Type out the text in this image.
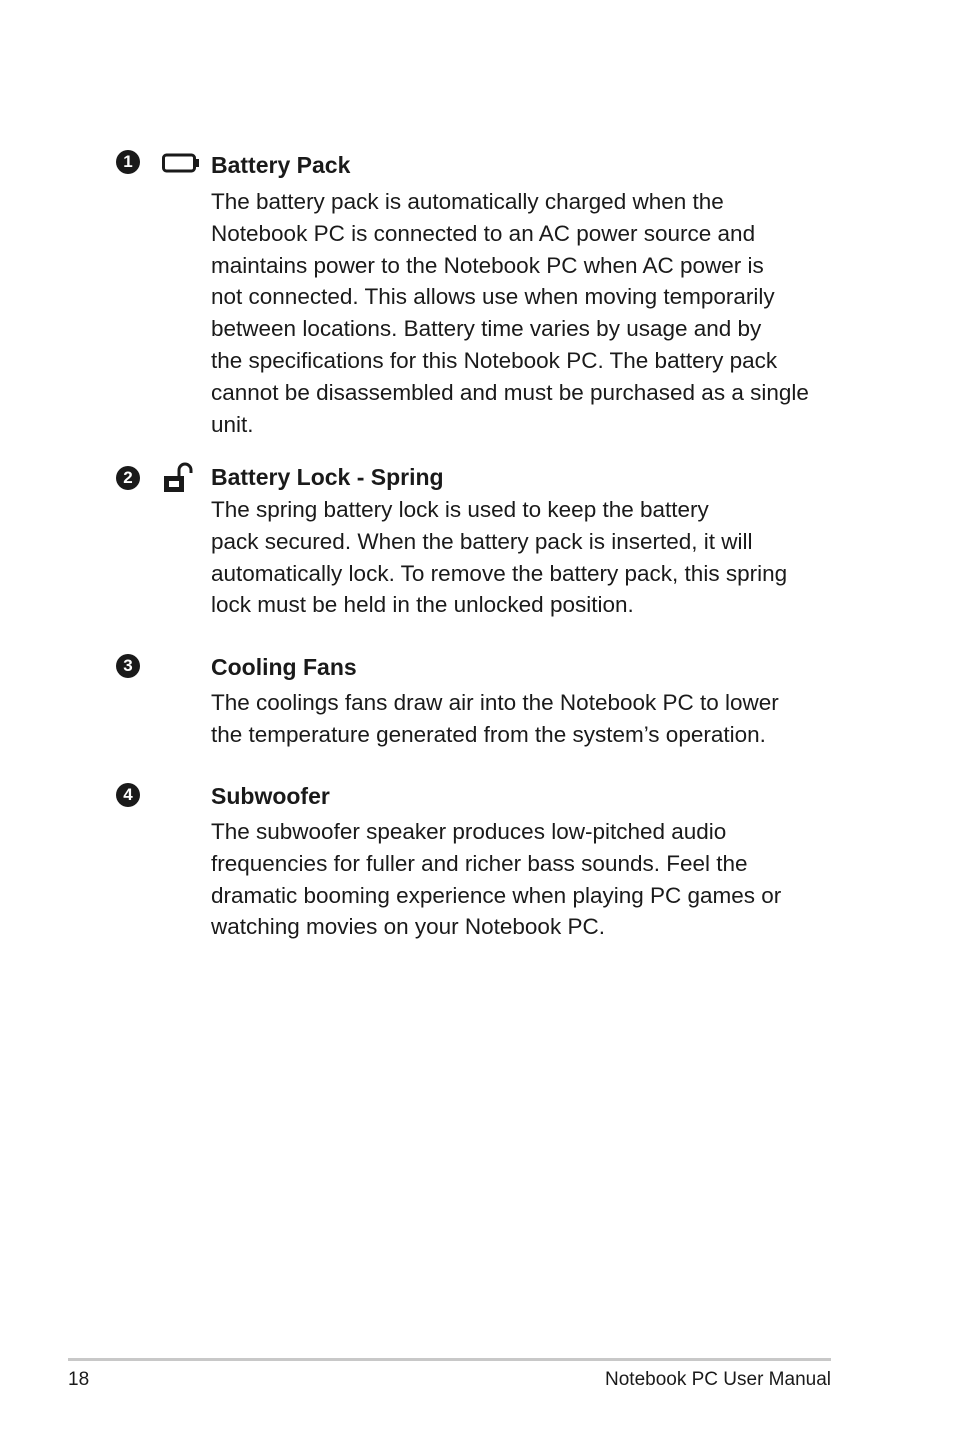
1	Battery Pack

The battery pack is automatically charged when the
Notebook PC is connected to an AC power source and
maintains power to the Notebook PC when AC power is
not connected. This allows use when moving temporarily
between locations. Battery time varies by usage and by
the specifications for this Notebook PC. The battery pack
cannot be disassembled and must be purchased as a single
unit.

2	Battery Lock - Spring

The spring battery lock is used to keep the battery
pack secured. When the battery pack is inserted, it will
automatically lock. To remove the battery pack, this spring
lock must be held in the unlocked position.

3	Cooling Fans

The coolings fans draw air into the Notebook PC to lower
the temperature generated from the system’s operation.

4	Subwoofer

The subwoofer speaker produces low-pitched audio
frequencies for fuller and richer bass sounds. Feel the
dramatic booming experience when playing PC games or
watching movies on your Notebook PC.

18	Notebook PC User Manual
